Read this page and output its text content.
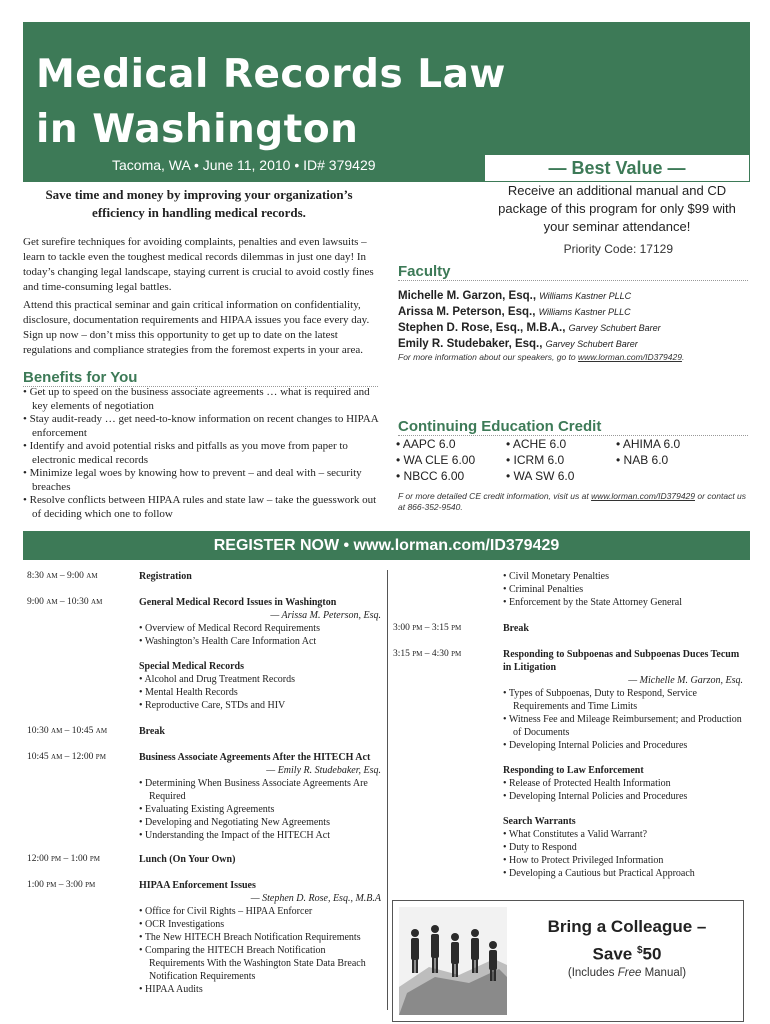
Medical Records Law
in Washington
Tacoma, WA • June 11, 2010 • ID# 379429	— Best Value —
Receive an additional manual and CD package of this program for only $99 with your seminar attendance!
Priority Code: 17129
Save time and money by improving your organization’s efficiency in handling medical records.

Get surefire techniques for avoiding complaints, penalties and even lawsuits – learn to tackle even the toughest medical records dilemmas in just one day! In today’s changing legal landscape, staying current is crucial to avoid costly fines and time-consuming legal battles.

Attend this practical seminar and gain critical information on confidentiality, disclosure, documentation requirements and HIPAA issues you face every day. Sign up now – don’t miss this opportunity to get up to date on the latest regulations and compliance strategies from the foremost experts in your area.

Benefits for You
• Get up to speed on the business associate agreements … what is required and key elements of negotiation
• Stay audit-ready … get need-to-know information on recent changes to HIPAA enforcement
• Identify and avoid potential risks and pitfalls as you move from paper to electronic medical records
• Minimize legal woes by knowing how to prevent – and deal with – security breaches
• Resolve conflicts between HIPAA rules and state law – take the guesswork out of deciding which one to follow
Faculty
Michelle M. Garzon, Esq., Williams Kastner PLLC
Arissa M. Peterson, Esq., Williams Kastner PLLC
Stephen D. Rose, Esq., M.B.A., Garvey Schubert Barer
Emily R. Studebaker, Esq., Garvey Schubert Barer
For more information about our speakers, go to www.lorman.com/ID379429.
Continuing Education Credit
• AAPC 6.0	• ACHE 6.0	• AHIMA 6.0
• WA CLE 6.00	• ICRM 6.0	• NAB 6.0
• NBCC 6.00	• WA SW 6.0
F or more detailed CE credit information, visit us at www.lorman.com/ID379429 or contact us at 866-352-9540.
REGISTER NOW • www.lorman.com/ID379429
8:30 am – 9:00 am	Registration
9:00 am – 10:30 am	General Medical Record Issues in Washington
— Arissa M. Peterson, Esq.
• Overview of Medical Record Requirements
• Washington’s Health Care Information Act
Special Medical Records
• Alcohol and Drug Treatment Records
• Mental Health Records
• Reproductive Care, STDs and HIV
10:30 am – 10:45 am	Break
10:45 am – 12:00 pm	Business Associate Agreements After the HITECH Act
— Emily R. Studebaker, Esq.
• Determining When Business Associate Agreements Are Required
• Evaluating Existing Agreements
• Developing and Negotiating New Agreements
• Understanding the Impact of the HITECH Act
12:00 pm – 1:00 pm	Lunch (On Your Own)
1:00 pm – 3:00 pm	HIPAA Enforcement Issues
— Stephen D. Rose, Esq., M.B.A
• Office for Civil Rights – HIPAA Enforcer
• OCR Investigations
• The New HITECH Breach Notification Requirements
• Comparing the HITECH Breach Notification Requirements With the Washington State Data Breach Notification Requirements
• HIPAA Audits
• Civil Monetary Penalties
• Criminal Penalties
• Enforcement by the State Attorney General
3:00 pm – 3:15 pm	Break
3:15 pm – 4:30 pm	Responding to Subpoenas and Subpoenas Duces Tecum in Litigation
— Michelle M. Garzon, Esq.
• Types of Subpoenas, Duty to Respond, Service Requirements and Time Limits
• Witness Fee and Mileage Reimbursement; and Production of Documents
• Developing Internal Policies and Procedures
Responding to Law Enforcement
• Release of Protected Health Information
• Developing Internal Policies and Procedures
Search Warrants
• What Constitutes a Valid Warrant?
• Duty to Respond
• How to Protect Privileged Information
• Developing a Cautious but Practical Approach
Bring a Colleague –
Save $50
(Includes Free Manual)
